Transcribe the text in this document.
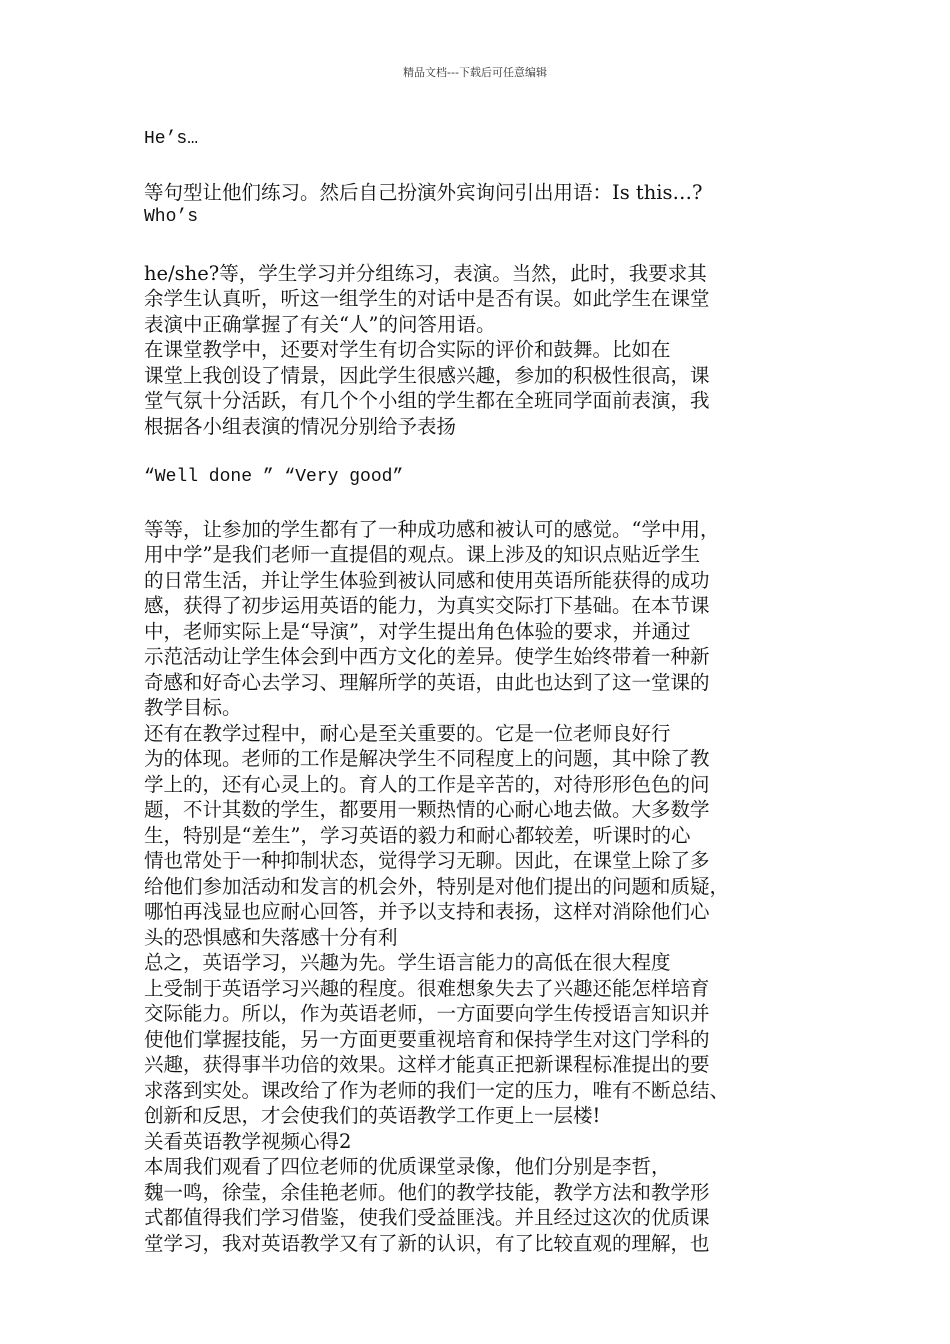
精品文档---下载后可任意编辑
He’s…
等句型让他们练习。然后自己扮演外宾询问引出用语：Is this…?
Who’s
he/she?等，学生学习并分组练习，表演。当然，此时，我要求其
余学生认真听，听这一组学生的对话中是否有误。如此学生在课堂
表演中正确掌握了有关“人”的问答用语。
在课堂教学中，还要对学生有切合实际的评价和鼓舞。比如在
课堂上我创设了情景，因此学生很感兴趣，参加的积极性很高，课
堂气氛十分活跃，有几个个小组的学生都在全班同学面前表演，我
根据各小组表演的情况分别给予表扬
“Well done ” “Very good”
等等，让参加的学生都有了一种成功感和被认可的感觉。“学中用，
用中学”是我们老师一直提倡的观点。课上涉及的知识点贴近学生
的日常生活，并让学生体验到被认同感和使用英语所能获得的成功
感，获得了初步运用英语的能力，为真实交际打下基础。在本节课
中，老师实际上是“导演”，对学生提出角色体验的要求，并通过
示范活动让学生体会到中西方文化的差异。使学生始终带着一种新
奇感和好奇心去学习、理解所学的英语，由此也达到了这一堂课的
教学目标。
还有在教学过程中，耐心是至关重要的。它是一位老师良好行
为的体现。老师的工作是解决学生不同程度上的问题，其中除了教
学上的，还有心灵上的。育人的工作是辛苦的，对待形形色色的问
题，不计其数的学生，都要用一颗热情的心耐心地去做。大多数学
生，特别是“差生”，学习英语的毅力和耐心都较差，听课时的心
情也常处于一种抑制状态，觉得学习无聊。因此，在课堂上除了多
给他们参加活动和发言的机会外，特别是对他们提出的问题和质疑，
哪怕再浅显也应耐心回答，并予以支持和表扬，这样对消除他们心
头的恐惧感和失落感十分有利
总之，英语学习，兴趣为先。学生语言能力的高低在很大程度
上受制于英语学习兴趣的程度。很难想象失去了兴趣还能怎样培育
交际能力。所以，作为英语老师，一方面要向学生传授语言知识并
使他们掌握技能，另一方面更要重视培育和保持学生对这门学科的
兴趣，获得事半功倍的效果。这样才能真正把新课程标准提出的要
求落到实处。课改给了作为老师的我们一定的压力，唯有不断总结、
创新和反思，才会使我们的英语教学工作更上一层楼!
关看英语教学视频心得2
本周我们观看了四位老师的优质课堂录像，他们分别是李哲，
魏一鸣，徐莹，余佳艳老师。他们的教学技能，教学方法和教学形
式都值得我们学习借鉴，使我们受益匪浅。并且经过这次的优质课
堂学习，我对英语教学又有了新的认识，有了比较直观的理解，也
